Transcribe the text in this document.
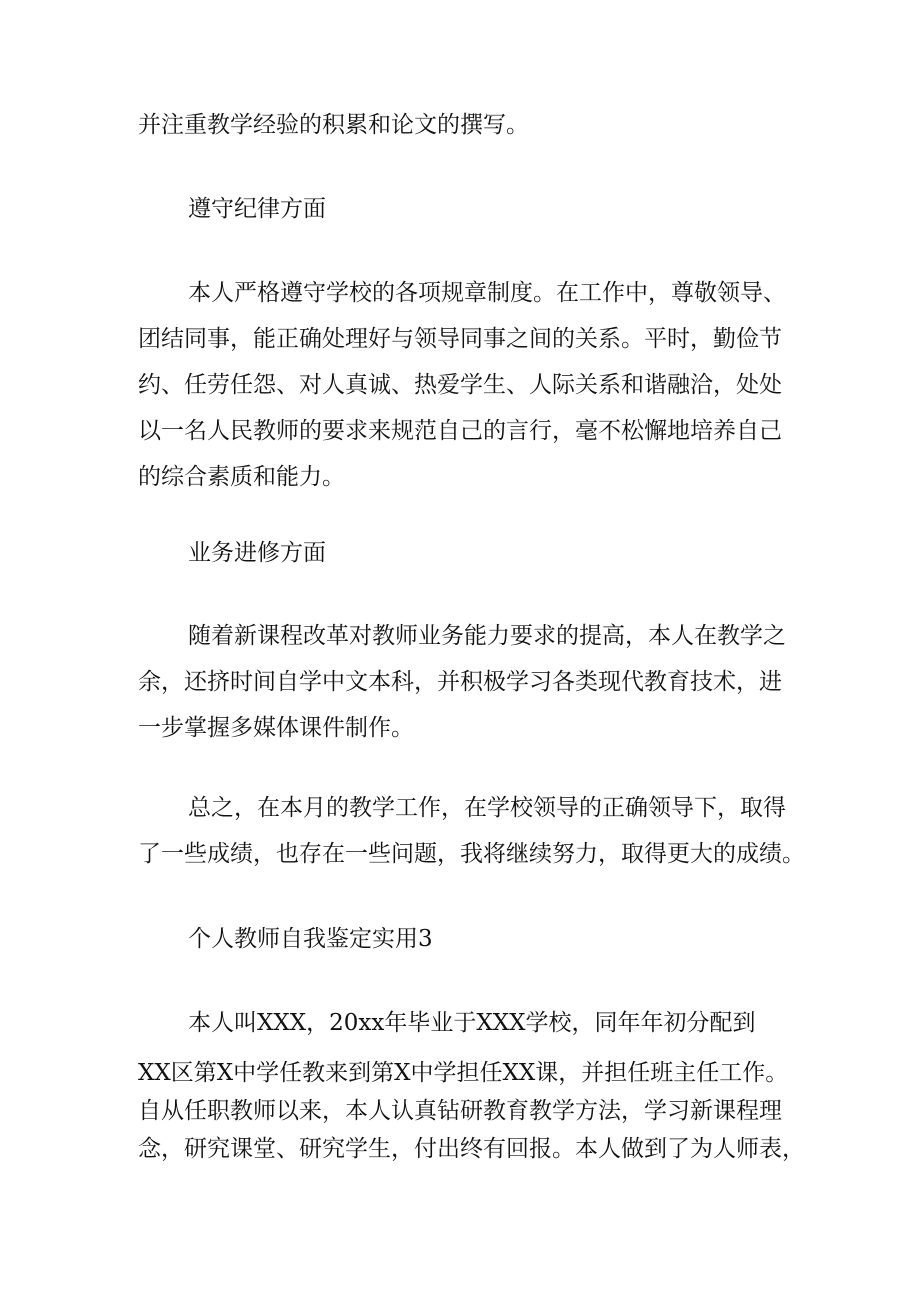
并注重教学经验的积累和论文的撰写。
遵守纪律方面
本人严格遵守学校的各项规章制度。在工作中，尊敬领导、
团结同事，能正确处理好与领导同事之间的关系。平时，勤俭节
约、任劳任怨、对人真诚、热爱学生、人际关系和谐融洽，处处
以一名人民教师的要求来规范自己的言行，毫不松懈地培养自己
的综合素质和能力。
业务进修方面
随着新课程改革对教师业务能力要求的提高，本人在教学之
余，还挤时间自学中文本科，并积极学习各类现代教育技术，进
一步掌握多媒体课件制作。
总之，在本月的教学工作，在学校领导的正确领导下，取得
了一些成绩，也存在一些问题，我将继续努力，取得更大的成绩。
个人教师自我鉴定实用3
本人叫XXX，20xx年毕业于XXX学校，同年年初分配到
XX区第X中学任教来到第X中学担任XX课，并担任班主任工作。
自从任职教师以来，本人认真钻研教育教学方法，学习新课程理
念，研究课堂、研究学生，付出终有回报。本人做到了为人师表，
